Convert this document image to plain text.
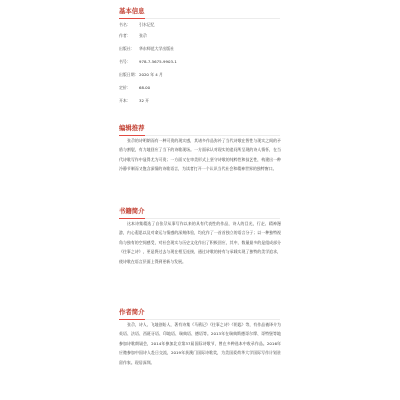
基本信息
书名： 引水记忆
作者： 张尕
出版社： 华东师范大学出版社
书号： 978-7-5675-9903-1
出版日期：2020 年 4 月
定价： 68.00
开本： 32 开
编辑推荐

张尕的诗明朗而有一种可贵的现实感，其诸多作品弥补了当代诗歌在智性与现实之间的矛盾与割裂，有力地回应了当下的诗歌现场。一方面承认对现实的追问所呈现的诗人情怀，在当代诗歌写作中显得尤为可贵；一方面又在审美形式上坚守诗歌的纯粹性和技艺性，构建出一种冷静节制而又饱含深情的诗歌语言，为读者打开一个认识当代社会和精神世界的独特窗口。

书籍简介

这本诗集精选了自张尕从事写作以来的具有代表性的作品，诗人的目光，行走、精神漫游，内心遐思以及对命运与情感的深刻体验，均化作了一首首独立的语言分子；以一种独特视角与独有的空间感受，对社会现实与历史文化作出了积极回应，其中，数量最多的是组成部分《往事之诗》，更是将过去与现在相互连接，通过诗歌的持有与承载实现了独特的美学追求，使诗歌在语言层面上得到更新与发展。

作者简介

张尕，诗人、飞地创始人，著有诗集《马鸦记》《往事之诗》《钥匙》等，有作品被译介为英语、法语、西班牙语、印地语、瑞典语、德语等。2013年在瑞典斯德哥尔摩、哥特堡等地参加诗歌朗诵会，2014年参加北京第37届国际诗歌节，曾在多种选本中收录作品。2016年应邀参加中国诗人赴日交流，2019年获澳门国际诗歌奖，为美国爱荷华大学国际写作计划驻留作家。现居深圳。
